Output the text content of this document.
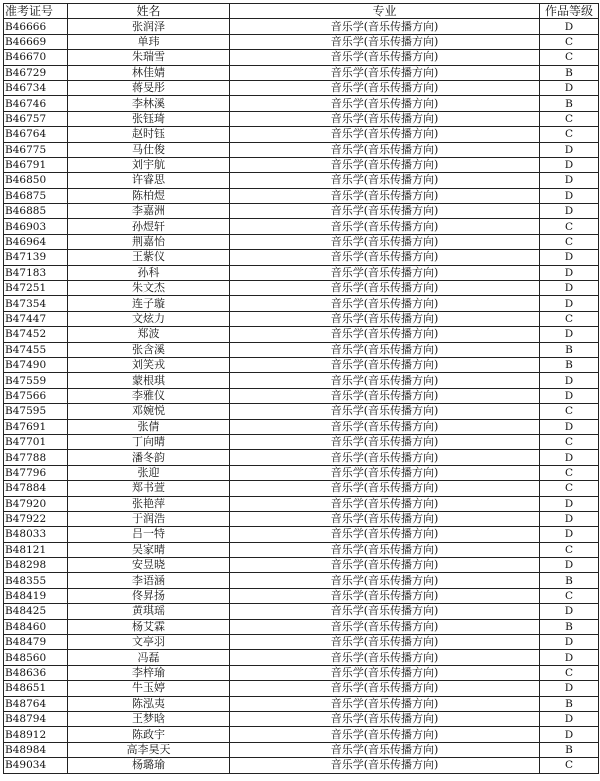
准考证号	姓名	专业	作品等级
B46666	张润泽	音乐学(音乐传播方向)	D
B46669	单玮	音乐学(音乐传播方向)	C
B46670	朱瑞雪	音乐学(音乐传播方向)	C
B46729	林佳婧	音乐学(音乐传播方向)	B
B46734	蒋旻彤	音乐学(音乐传播方向)	D
B46746	李林溪	音乐学(音乐传播方向)	B
B46757	张钰琦	音乐学(音乐传播方向)	C
B46764	赵时钰	音乐学(音乐传播方向)	C
B46775	马仕俊	音乐学(音乐传播方向)	D
B46791	刘宇航	音乐学(音乐传播方向)	D
B46850	许睿思	音乐学(音乐传播方向)	D
B46875	陈柏煜	音乐学(音乐传播方向)	D
B46885	李嘉洲	音乐学(音乐传播方向)	D
B46903	孙煜轩	音乐学(音乐传播方向)	C
B46964	荆嘉怡	音乐学(音乐传播方向)	C
B47139	王紫仪	音乐学(音乐传播方向)	D
B47183	孙科	音乐学(音乐传播方向)	D
B47251	朱文杰	音乐学(音乐传播方向)	D
B47354	连子璇	音乐学(音乐传播方向)	D
B47447	文炫力	音乐学(音乐传播方向)	C
B47452	郑波	音乐学(音乐传播方向)	D
B47455	张含溪	音乐学(音乐传播方向)	B
B47490	刘笑戎	音乐学(音乐传播方向)	B
B47559	蒙根琪	音乐学(音乐传播方向)	D
B47566	李雅仪	音乐学(音乐传播方向)	D
B47595	邓婉悦	音乐学(音乐传播方向)	C
B47691	张倩	音乐学(音乐传播方向)	D
B47701	丁向晴	音乐学(音乐传播方向)	C
B47788	潘冬韵	音乐学(音乐传播方向)	D
B47796	张迎	音乐学(音乐传播方向)	C
B47884	郑书萱	音乐学(音乐传播方向)	C
B47920	张艳萍	音乐学(音乐传播方向)	D
B47922	于润浩	音乐学(音乐传播方向)	D
B48033	吕一特	音乐学(音乐传播方向)	D
B48121	吴家晴	音乐学(音乐传播方向)	C
B48298	安昱晓	音乐学(音乐传播方向)	D
B48355	李语涵	音乐学(音乐传播方向)	B
B48419	佟昇扬	音乐学(音乐传播方向)	C
B48425	黄琪瑶	音乐学(音乐传播方向)	D
B48460	杨艾霖	音乐学(音乐传播方向)	B
B48479	文亭羽	音乐学(音乐传播方向)	D
B48560	冯磊	音乐学(音乐传播方向)	D
B48636	李梓瑜	音乐学(音乐传播方向)	C
B48651	牛玉婷	音乐学(音乐传播方向)	D
B48764	陈泓夷	音乐学(音乐传播方向)	B
B48794	王梦晗	音乐学(音乐传播方向)	D
B48912	陈政宇	音乐学(音乐传播方向)	D
B48984	高李昊天	音乐学(音乐传播方向)	B
B49034	杨璐瑜	音乐学(音乐传播方向)	C
